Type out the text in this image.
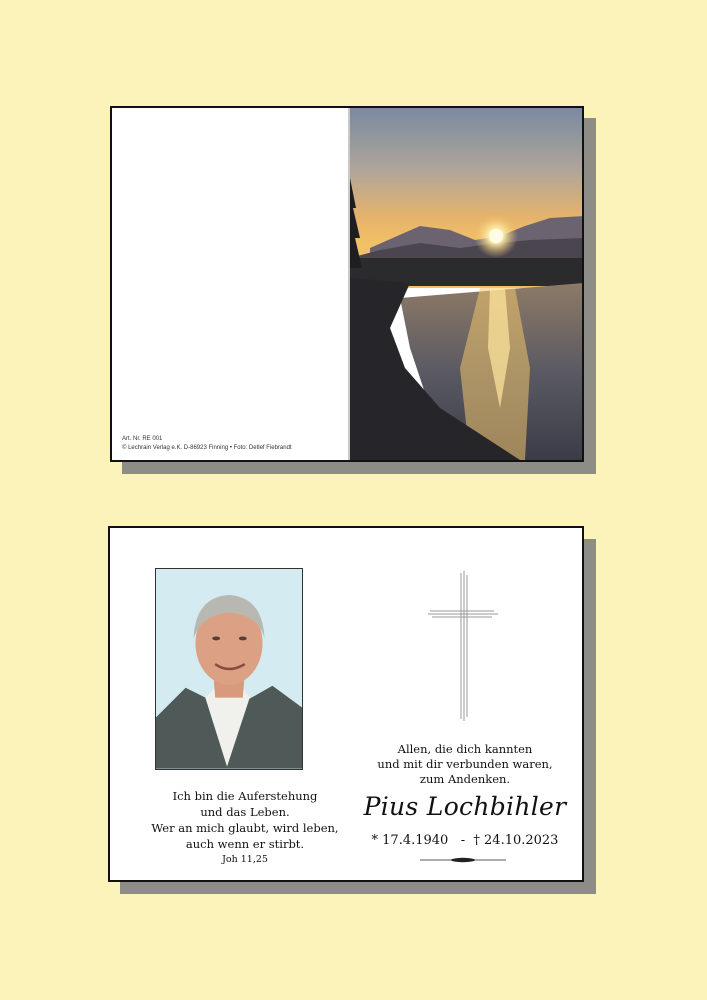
Art. Nr. RE 001
© Lechrain Verlag e.K. D-86923 Finning • Foto: Detlef Fiebrandt
Ich bin die Auferstehung
und das Leben.
Wer an mich glaubt, wird leben,
auch wenn er stirbt.
Joh 11,25
Allen, die dich kannten
und mit dir verbunden waren,
zum Andenken.
Pius Lochbihler
* 17.4.1940   -  † 24.10.2023
